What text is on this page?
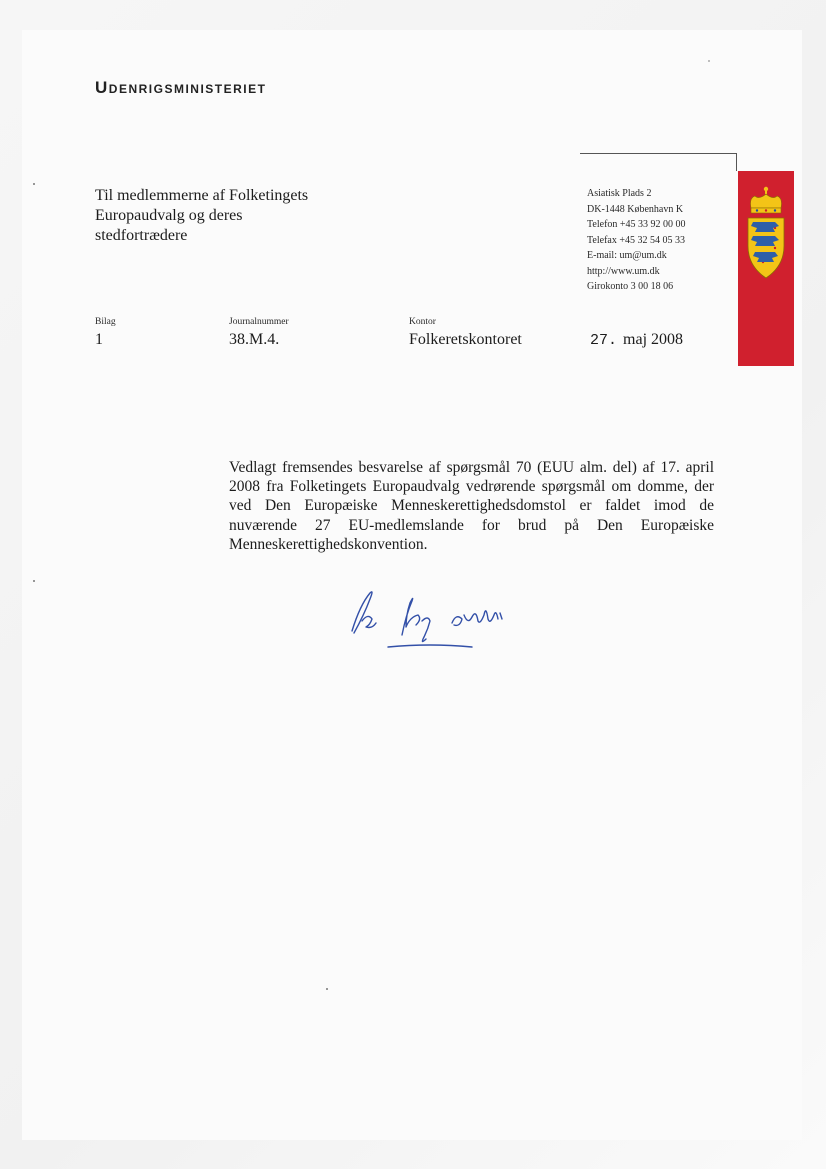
Udenrigsministeriet
Til medlemmerne af Folketingets
Europaudvalg og deres
stedfortrædere
Asiatisk Plads 2
DK-1448 København K
Telefon +45 33 92 00 00
Telefax +45 32 54 05 33
E-mail: um@um.dk
http://www.um.dk
Girokonto 3 00 18 06
Bilag
1
Journalnummer
38.M.4.
Kontor
Folkeretskontoret	27. maj 2008
Vedlagt fremsendes besvarelse af spørgsmål 70 (EUU alm. del) af 17. april 2008 fra Folketingets Europaudvalg vedrørende spørgsmål om domme, der ved Den Europæiske Menneskerettighedsdomstol er faldet imod de nuværende 27 EU-medlemslande for brud på Den Europæiske Menneskerettighedskonvention.
